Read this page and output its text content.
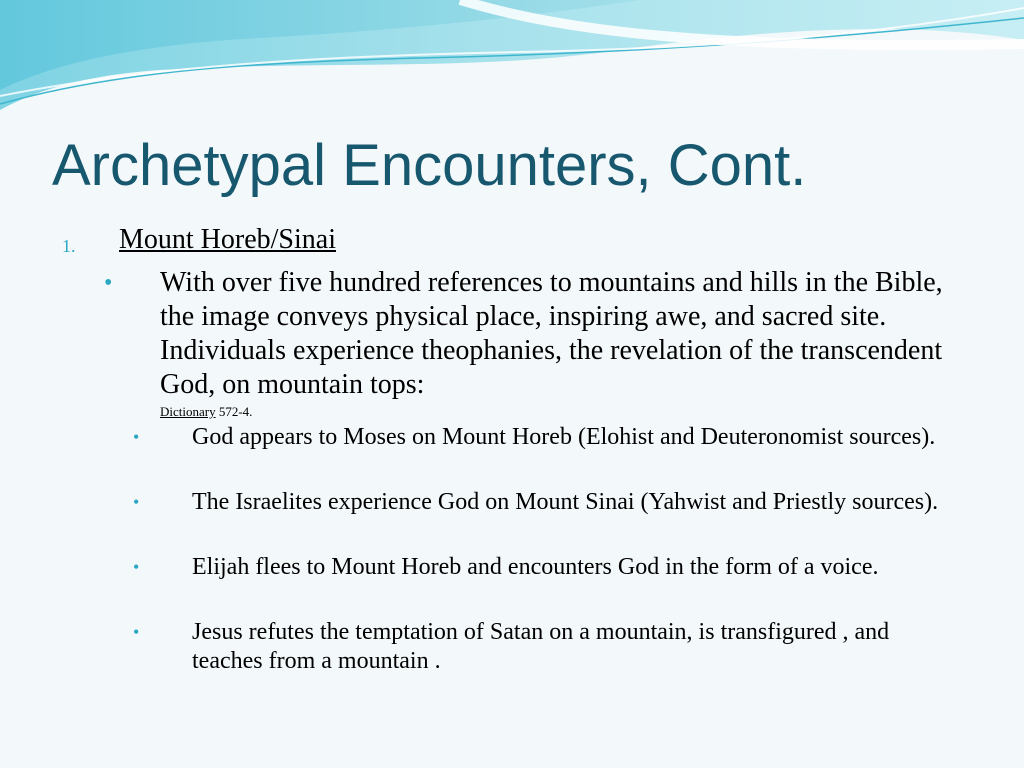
Archetypal Encounters, Cont.
1. Mount Horeb/Sinai
• With over five hundred references to mountains and hills in the Bible, the image conveys physical place, inspiring awe, and sacred site. Individuals experience theophanies, the revelation of the transcendent God, on mountain tops:
Dictionary 572-4.
• God appears to Moses on Mount Horeb (Elohist and Deuteronomist sources).
• The Israelites experience God on Mount Sinai (Yahwist and Priestly sources).
• Elijah flees to Mount Horeb and encounters God in the form of a voice.
• Jesus refutes the temptation of Satan on a mountain, is transfigured , and teaches from a mountain .
